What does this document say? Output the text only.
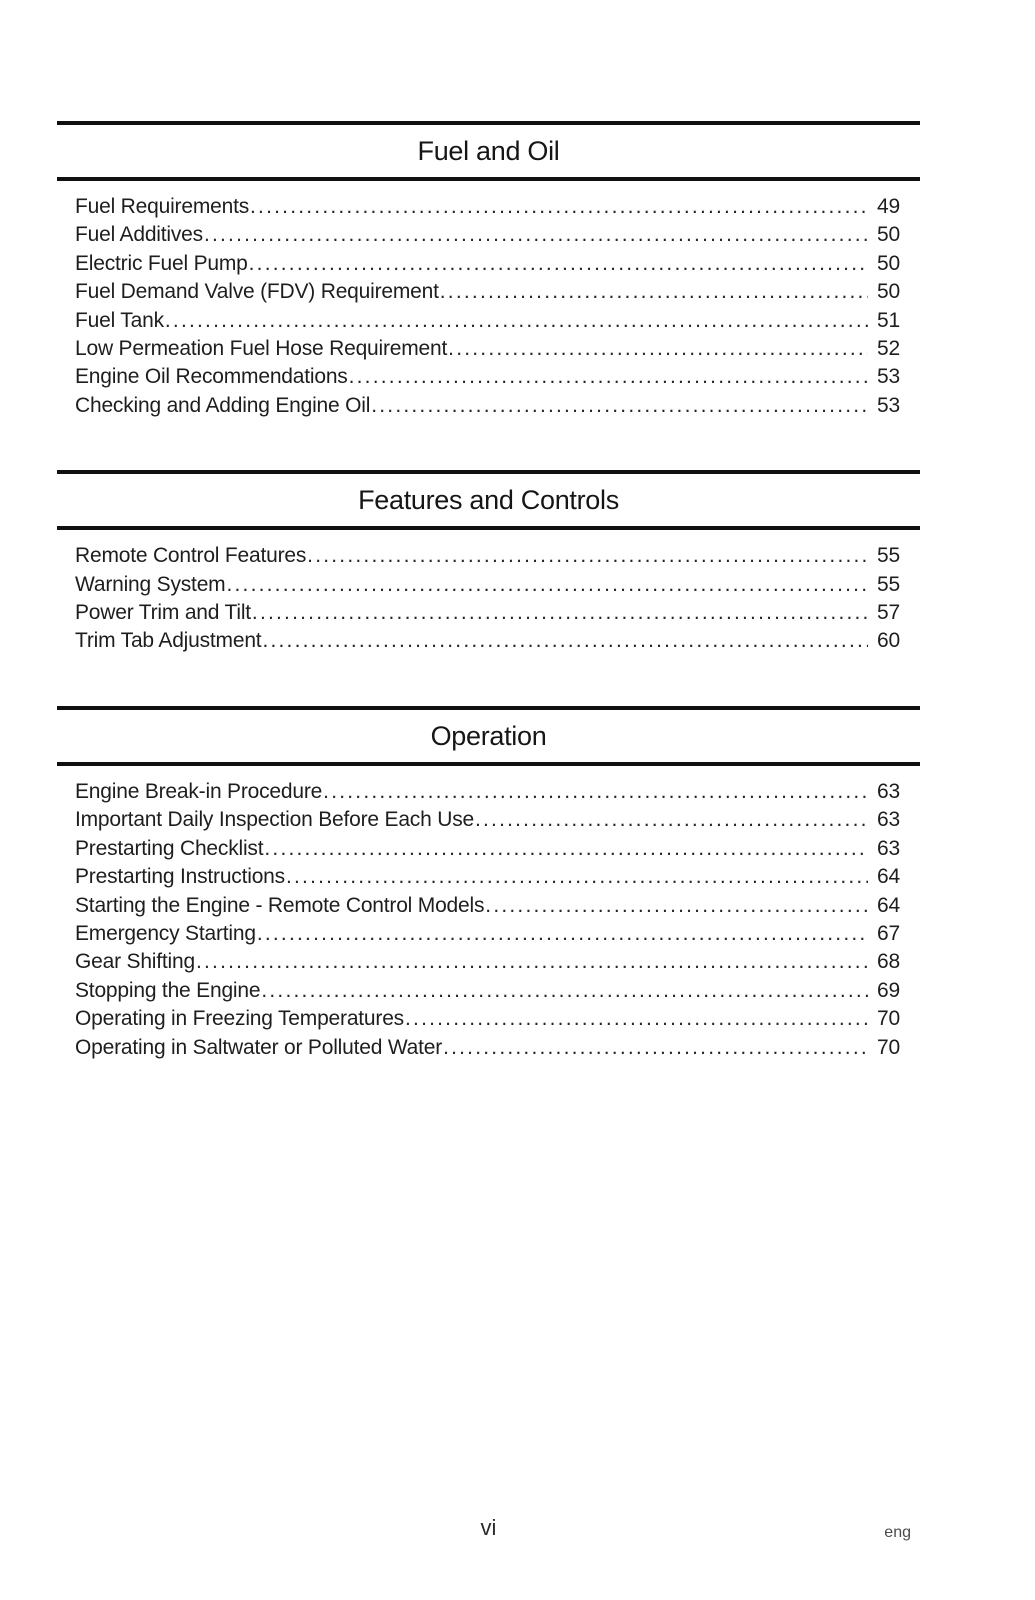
Fuel and Oil
Fuel Requirements .....	49
Fuel Additives .....	50
Electric Fuel Pump .....	50
Fuel Demand Valve (FDV) Requirement .....	50
Fuel Tank .....	51
Low Permeation Fuel Hose Requirement .....	52
Engine Oil Recommendations .....	53
Checking and Adding Engine Oil .....	53
Features and Controls
Remote Control Features .....	55
Warning System .....	55
Power Trim and Tilt .....	57
Trim Tab Adjustment .....	60
Operation
Engine Break-in Procedure .....	63
Important Daily Inspection Before Each Use .....	63
Prestarting Checklist .....	63
Prestarting Instructions .....	64
Starting the Engine - Remote Control Models .....	64
Emergency Starting .....	67
Gear Shifting .....	68
Stopping the Engine .....	69
Operating in Freezing Temperatures .....	70
Operating in Saltwater or Polluted Water .....	70
vi	eng
